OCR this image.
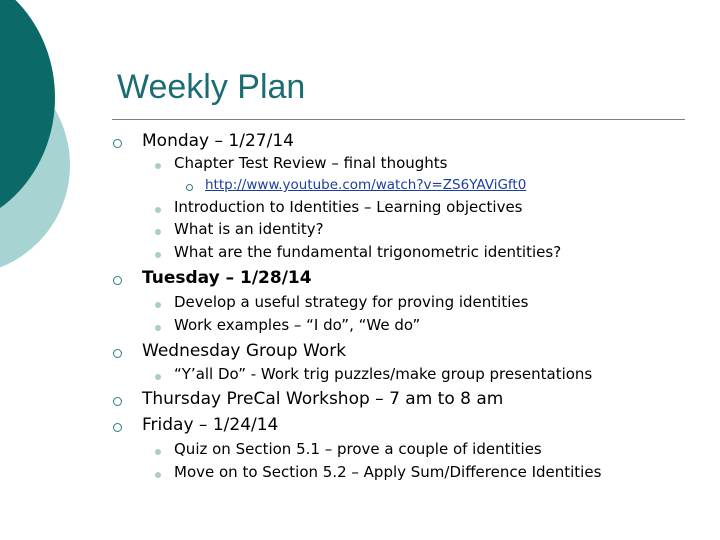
Weekly Plan
Monday – 1/27/14
Chapter Test Review – final thoughts
http://www.youtube.com/watch?v=ZS6YAViGft0
Introduction to Identities – Learning objectives
What is an identity?
What are the fundamental trigonometric identities?
Tuesday – 1/28/14
Develop a useful strategy for proving identities
Work examples – “I do”, “We do”
Wednesday Group Work
“Y’all Do” - Work trig puzzles/make group presentations
Thursday PreCal Workshop – 7 am to 8 am
Friday – 1/24/14
Quiz on Section 5.1 – prove a couple of identities
Move on to Section 5.2 – Apply Sum/Difference Identities
